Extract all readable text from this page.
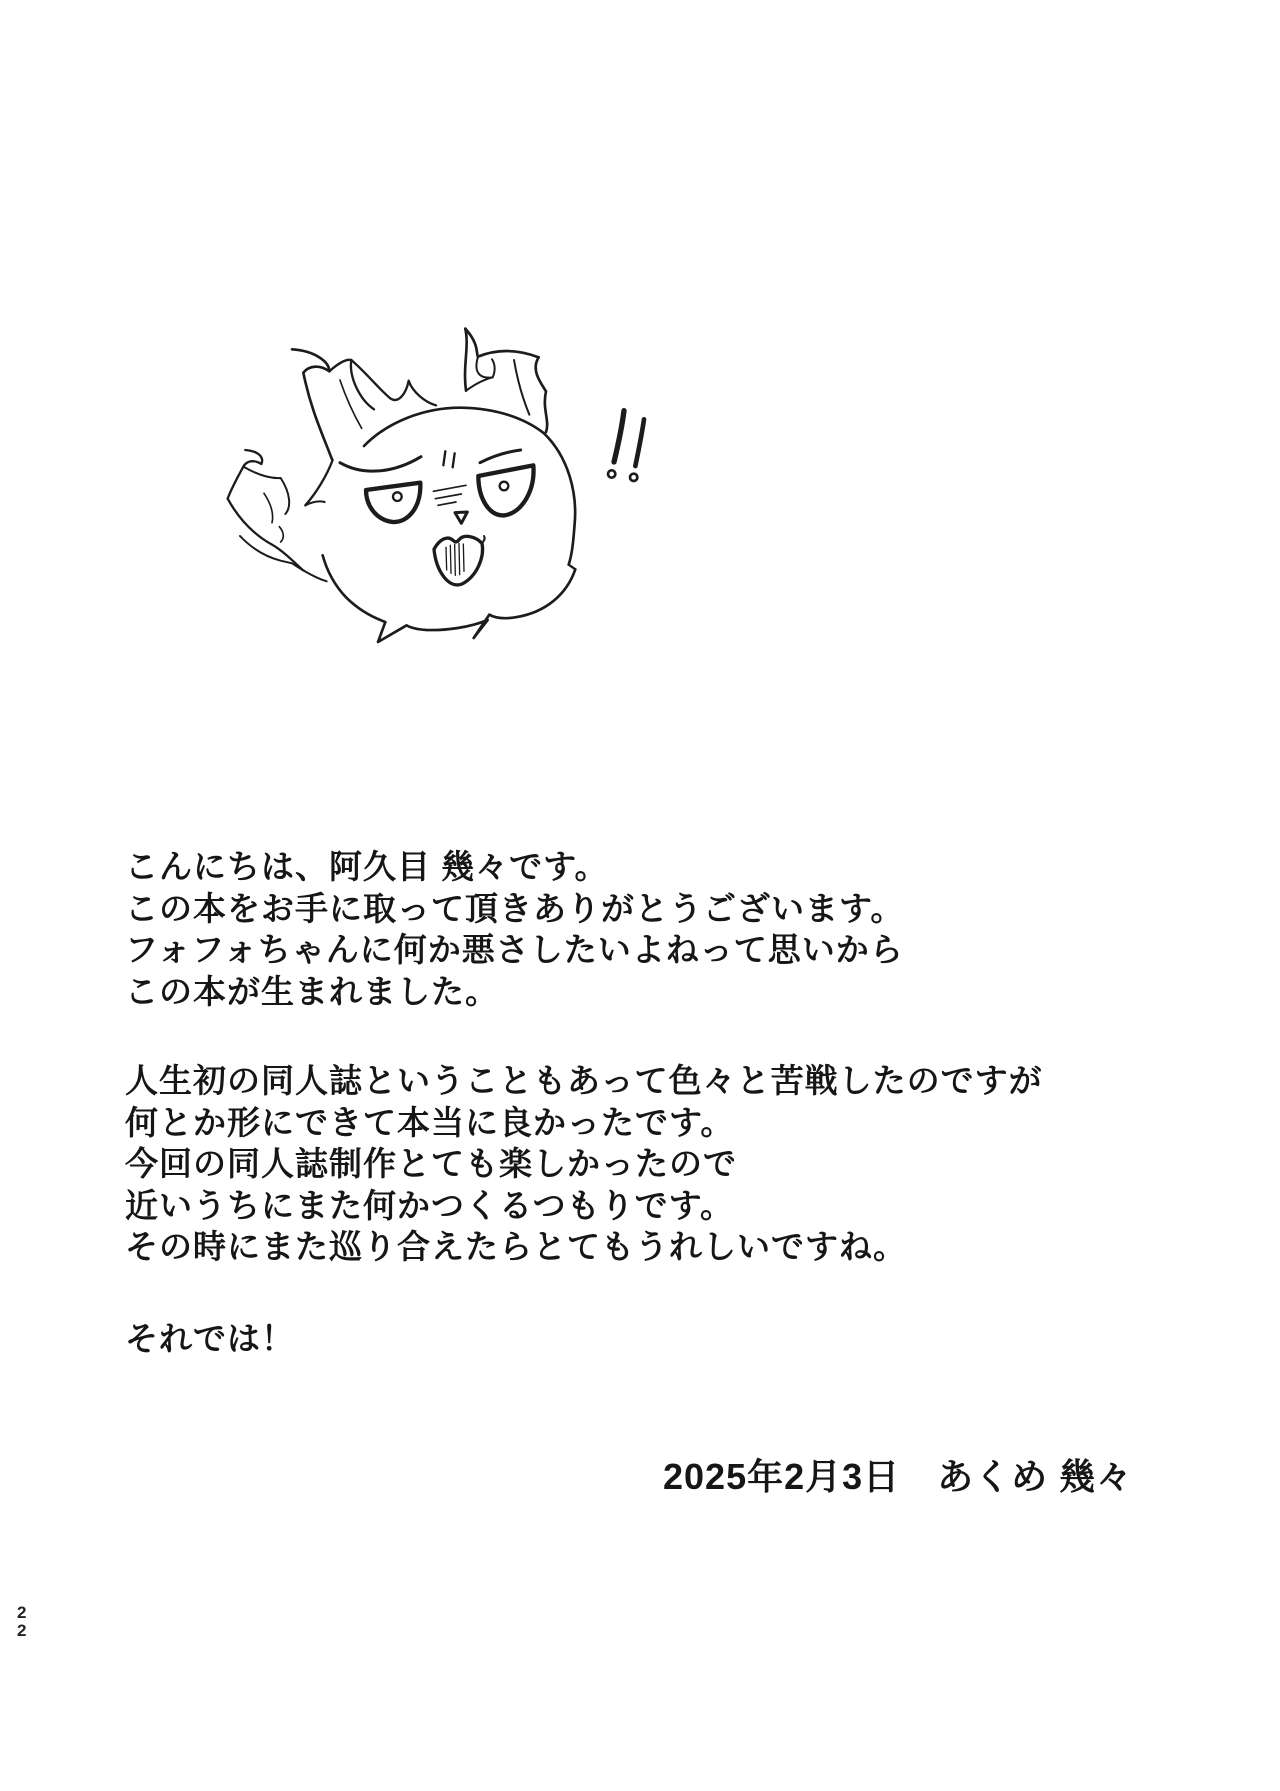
こんにちは、阿久目 幾々です。
この本をお手に取って頂きありがとうございます。
フォフォちゃんに何か悪さしたいよねって思いから
この本が生まれました。
人生初の同人誌ということもあって色々と苦戦したのですが
何とか形にできて本当に良かったです。
今回の同人誌制作とても楽しかったので
近いうちにまた何かつくるつもりです。
その時にまた巡り合えたらとてもうれしいですね。
それでは！
2025年2月3日　あくめ 幾々
2
2
